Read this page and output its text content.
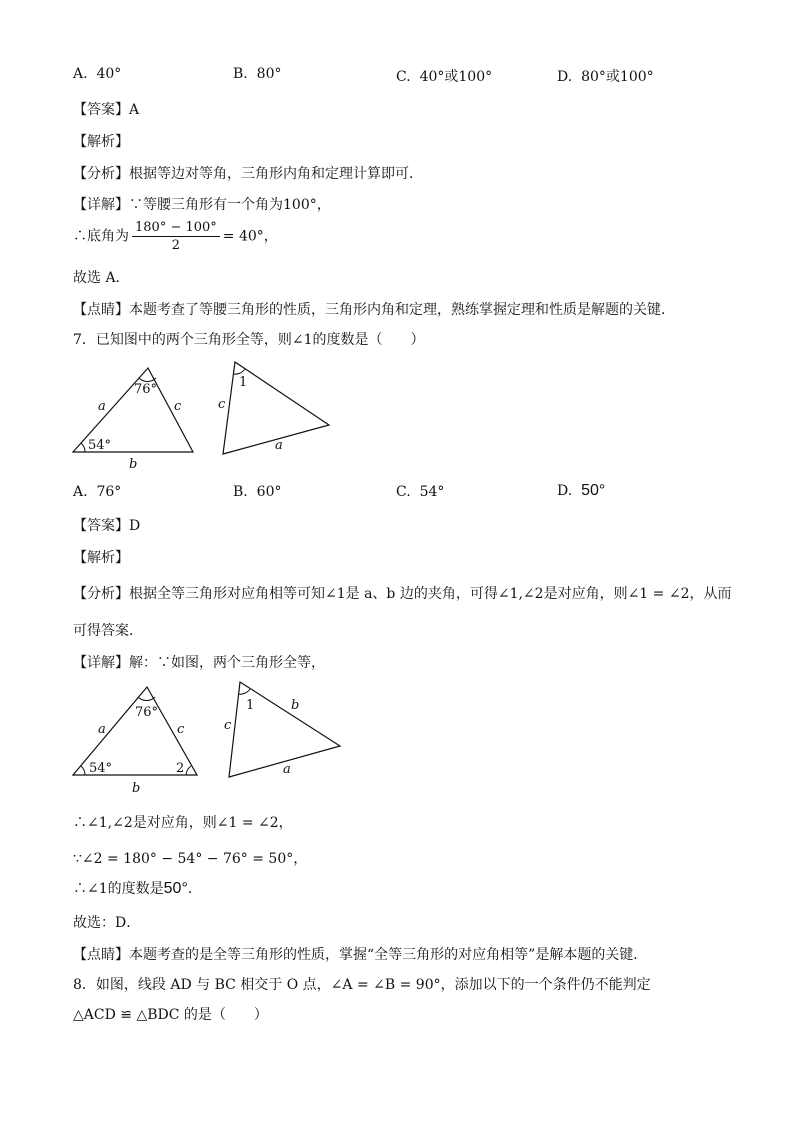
A. 40°	B. 80°	C. 40°或100°	D. 80°或100°
【答案】A
【解析】
【分析】根据等边对等角，三角形内角和定理计算即可．
【详解】∵等腰三角形有一个角为100°，
∴底角为 $\frac{180^\circ - 100^\circ}{2} = 40^\circ$，
故选 A．
【点睛】本题考查了等腰三角形的性质，三角形内角和定理，熟练掌握定理和性质是解题的关键．
7．已知图中的两个三角形全等，则∠1的度数是（　　）
76°
54°
a	c
b
1
c
a
A. 76°	B. 60°	C. 54°	D. 50°
【答案】D
【解析】
【分析】根据全等三角形对应角相等可知∠1是 a、b 边的夹角，可得∠1,∠2是对应角，则∠1 = ∠2，从而
可得答案．
【详解】解：∵如图，两个三角形全等，
76°
54°	2
a	c
b
1	b
c
a
∴∠1,∠2是对应角，则∠1 = ∠2，
∵∠2 = 180° − 54° − 76° = 50°，
∴∠1的度数是50°．
故选：D．
【点睛】本题考查的是全等三角形的性质，掌握“全等三角形的对应角相等”是解本题的关键．
8．如图，线段 AD 与 BC 相交于 O 点，∠A = ∠B = 90°，添加以下的一个条件仍不能判定
△ACD ≌ △BDC 的是（　　）
